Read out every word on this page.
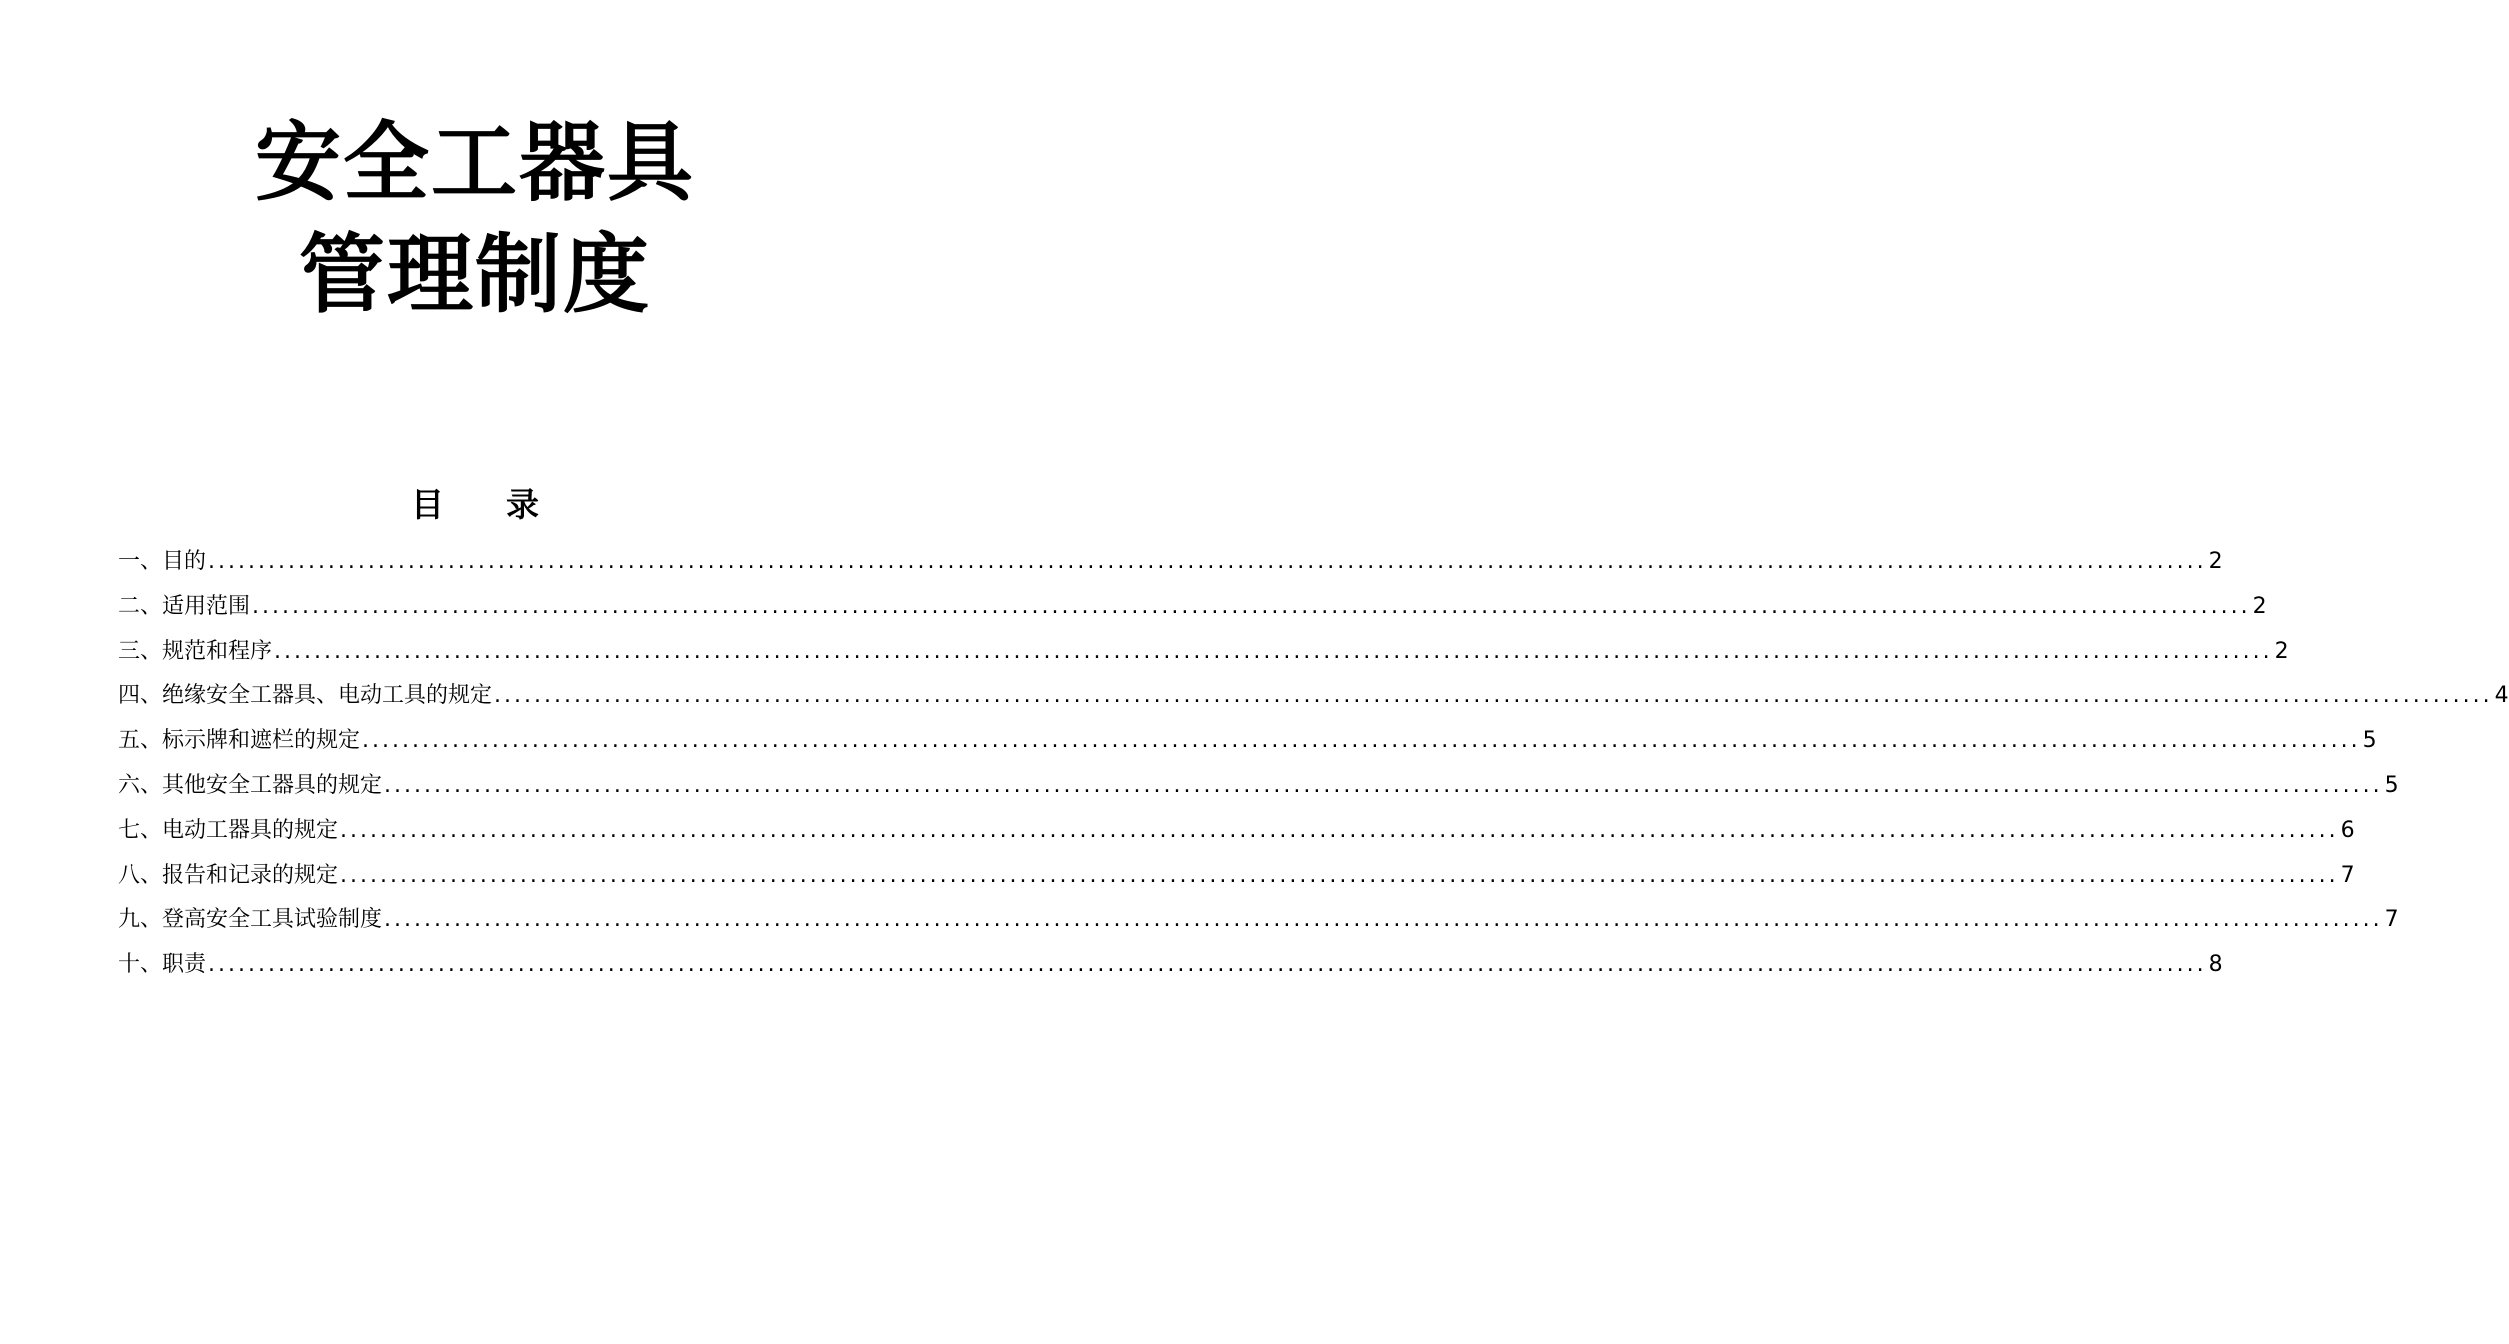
安全工器具
管理制度
目 录
一、目的 ........................................................................................................................................................................................................ 2
二、适用范围 ........................................................................................................................................................................................................ 2
三、规范和程序 ........................................................................................................................................................................................................ 2
四、绝缘安全工器具、电动工具的规定 ........................................................................................................................................................................................................ 4
五、标示牌和遮栏的规定 ........................................................................................................................................................................................................ 5
六、其他安全工器具的规定 ........................................................................................................................................................................................................ 5
七、电动工器具的规定 ........................................................................................................................................................................................................ 6
八、报告和记录的规定 ........................................................................................................................................................................................................ 7
九、登高安全工具试验制度 ........................................................................................................................................................................................................ 7
十、职责 ........................................................................................................................................................................................................ 8
